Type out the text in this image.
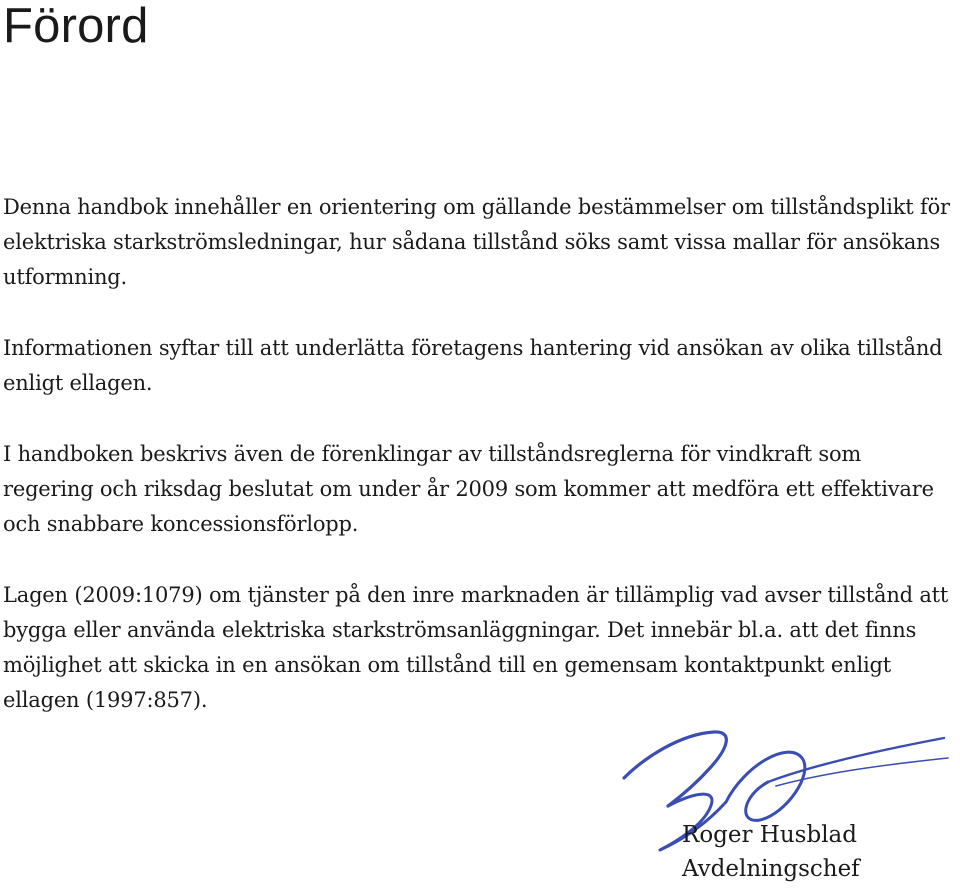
Förord

Denna handbok innehåller en orientering om gällande bestämmelser om tillståndsplikt för elektriska starkströmsledningar, hur sådana tillstånd söks samt vissa mallar för ansökans utformning.

Informationen syftar till att underlätta företagens hantering vid ansökan av olika tillstånd enligt ellagen.

I handboken beskrivs även de förenklingar av tillståndsreglerna för vindkraft som regering och riksdag beslutat om under år 2009 som kommer att medföra ett effektivare och snabbare koncessionsförlopp.

Lagen (2009:1079) om tjänster på den inre marknaden är tillämplig vad avser tillstånd att bygga eller använda elektriska starkströmsanläggningar. Det innebär bl.a. att det finns möjlighet att skicka in en ansökan om tillstånd till en gemensam kontaktpunkt enligt ellagen (1997:857).

Roger Husblad
Avdelningschef
